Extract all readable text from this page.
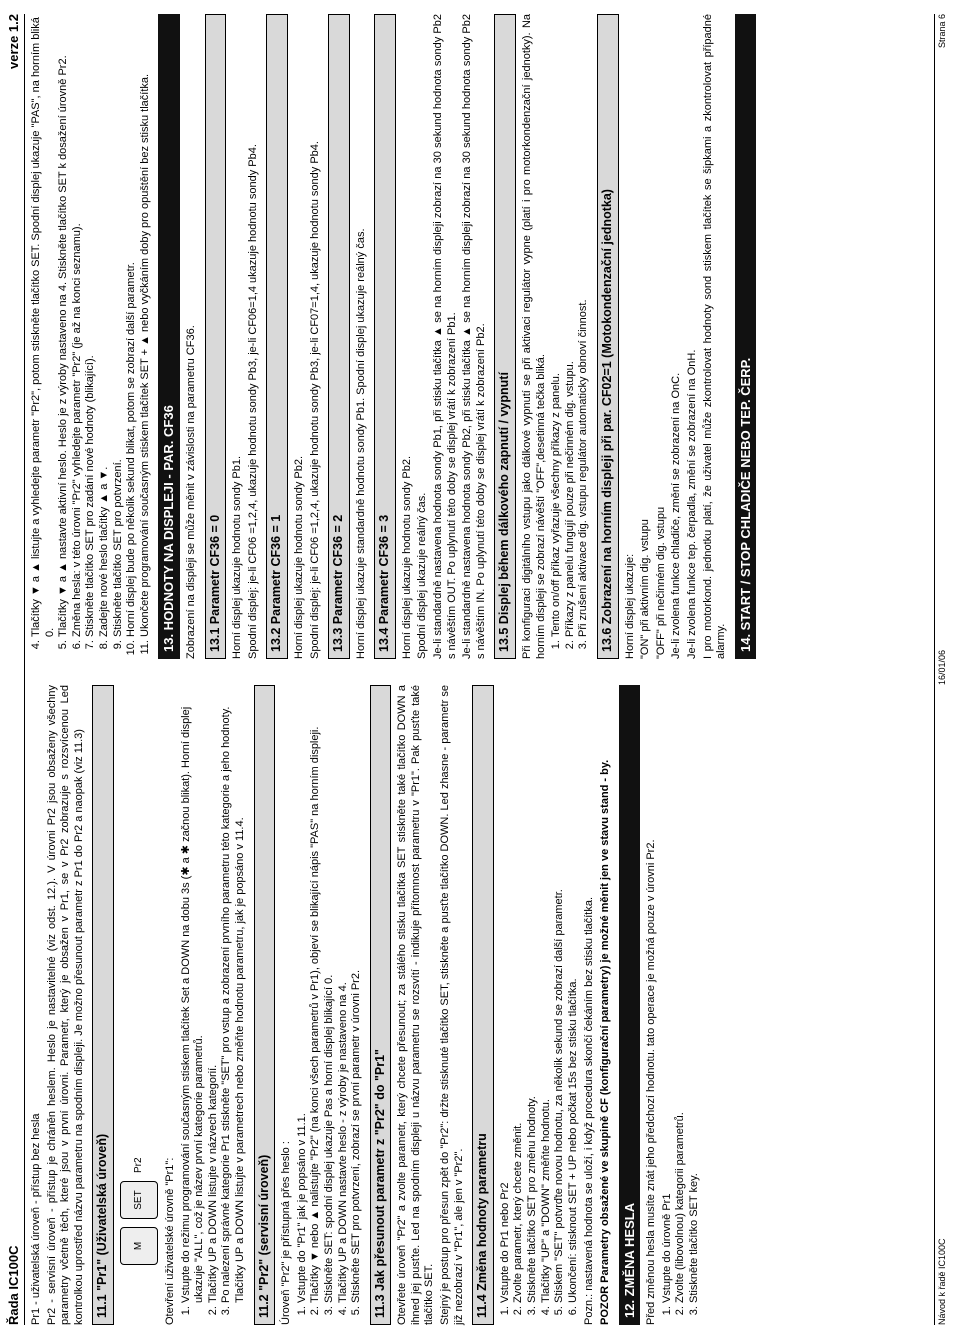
Řada IC100C
verze 1.2

Pr1 - uživatelská úroveň - přístup bez hesla Pr2 - servisní úroveň - přístup je chráněn heslem. Heslo je nastavitelné (viz odst. 12.). V úrovni Pr2 jsou obsaženy všechny parametry včetně těch, které jsou v první úrovni. Parametr, který je obsažen v Pr1, se v Pr2 zobrazuje s rozsvícenou Led kontrolkou uprostřed názvu parametru na spodním displeji. Je možno přesunout parametr z Pr1 do Pr2 a naopak (viz 11.3) 11.1 "Pr1" (Uživatelská úroveň)	M
SET
Pr2 Otevření uživatelské úrovně "Pr1": 1. Vstupte do režimu programování současným stiskem tlačítek Set a DOWN na dobu 3s (✱ a ✱ začnou blikat). Horní displej ukazuje "ALL", což je název první kategorie parametrů. 2. Tlačítky UP a DOWN listujte v názvech kategorií. 3. Po nalezení správné kategorie Pr1 stiskněte "SET" pro vstup a zobrazení prvního parametru této kategorie a jeho hodnoty. Tlačítky UP a DOWN listujte v parametrech nebo změňte hodnotu parametru, jak je popsáno v 11.4. 11.2 "Pr2" (servisní úroveň) Úroveň "Pr2" je přístupná přes heslo : 1. Vstupte do "Pr1" jak je popsáno v 11.1. 2. Tlačítky ▼ nebo ▲ nalistujte "Pr2" (na konci všech parametrů v Pr1), objeví se blikající nápis "PAS" na horním displeji. 3. Stiskněte SET: spodní displej ukazuje Pas a horní displej blikající 0. 4. Tlačítky UP a DOWN nastavte heslo - z výroby je nastaveno na 4. 5. Stiskněte SET pro potvrzení, zobrazí se první parametr v úrovni Pr2. 11.3 Jak přesunout parametr z "Pr2" do "Pr1" Otevřete úroveň "Pr2" a zvolte parametr, který chcete přesunout; za stálého stisku tlačítka SET stiskněte také tlačítko DOWN a ihned jej pusťte. Led na spodním displeji u názvu parametru se rozsvítí - indikuje přítomnost parametru v "Pr1". Pak pusťte také tlačítko SET. Stejný je postup pro přesun zpět do "Pr2": držte stisknuté tlačítko SET, stiskněte a pusťte tlačítko DOWN. Led zhasne - parametr se již nezobrazí v "Pr1", ale jen v "Pr2". 11.4 Změna hodnoty parametru 1. Vstupte do Pr1 nebo Pr2 2. Zvolte parametr, který chcete změnit. 3. Stiskněte tlačítko SET pro změnu hodnoty. 4. Tlačítky "UP" a "DOWN" změňte hodnotu. 5. Stiskem "SET" potvrďte novou hodnotu, za několik sekund se zobrazí další parametr. 6. Ukončení: stisknout SET + UP nebo počkat 15s bez stisku tlačítka. Pozn.: nastavená hodnota se uloží, i když procedura skončí čekáním bez stisku tlačítka. POZOR Parametry obsažené ve skupině CF (konfigurační parametry) je možné měnit jen ve stavu stand - by. 12. ZMĚNA HESLA Před změnou hesla musíte znát jeho předchozí hodnotu. tato operace je možná pouze v úrovni Pr2. 1. Vstupte do úrovně Pr1 2. Zvolte (libovolnou) kategorii parametrů. 3. Stiskněte tlačítko SET key.
4. Tlačítky ▼ a ▲ listujte a vyhledejte parametr "Pr2", potom stiskněte tlačítko SET. Spodní displej ukazuje "PAS", na horním bliká 0. 5. Tlačítky ▼ a ▲ nastavte aktivní heslo. Heslo je z výroby nastaveno na 4. Stiskněte tlačítko SET k dosažení úrovně Pr2. 6. Změna hesla: v této úrovni "Pr2" vyhledejte parametr "Pr2" (je až na konci seznamu). 7. Stiskněte tlačítko SET pro zadání nové hodnoty (blikající). 8. Zadejte nové heslo tlačítky ▲ a ▼. 9. Stiskněte tlačítko SET pro potvrzení. 10. Horní displej bude po několik sekund blikat, potom se zobrazí další parametr. 11. Ukončete programování současným stiskem tlačítek SET + ▲ nebo vyčkáním doby pro opuštění bez stisku tlačítka. 13. HODNOTY NA DISPLEJI - PAR. CF36 Zobrazení na displeji se může měnit v závislosti na parametru CF36. 13.1 Parametr CF36 = 0 Horní displej ukazuje hodnotu sondy Pb1. Spodní displej: je-li CF06 =1,2,4, ukazuje hodnotu sondy Pb3, je-li CF06=1,4 ukazuje hodnotu sondy Pb4. 13.2 Parametr CF36 = 1 Horní displej ukazuje hodnotu sondy Pb2. Spodní displej: je-li CF06 =1,2,4, ukazuje hodnotu sondy Pb3, je-li CF07=1,4, ukazuje hodnotu sondy Pb4. 13.3 Parametr CF36 = 2 Horní displej ukazuje standardně hodnotu sondy Pb1. Spodní displej ukazuje reálný čas. 13.4 Parametr CF36 = 3 Horní displej ukazuje hodnotu sondy Pb2. Spodní displej ukazuje reálný čas. Je-li standardně nastavena hodnota sondy Pb1, při stisku tlačítka ▲ se na horním displeji zobrazí na 30 sekund hodnota sondy Pb2 s návěštím OUT. Po uplynutí této doby se displej vrátí k zobrazení Pb1. Je-li standardně nastavena hodnota sondy Pb2, při stisku tlačítka ▲ se na horním displeji zobrazí na 30 sekund hodnota sondy Pb2 s návěštím IN. Po uplynutí této doby se displej vrátí k zobrazení Pb2. 13.5 Displej během dálkového zapnutí / vypnutí Při konfiguraci digitálního vstupu jako dálkové vypnutí se při aktivaci regulátor vypne (platí i pro motorkondenzační jednotky). Na horním displeji se zobrazí návěští "OFF",desetinná tečka bliká. 1. Tento on/off příkaz vyřazuje všechny příkazy z panelu. 2. Příkazy z panelu fungují pouze při nečinném dig. vstupu. 3. Při zrušení aktivace dig. vstupu regulátor automaticky obnoví činnost. 13.6 Zobrazení na horním displeji při par. CF02=1 (Motokondenzační jednotka) Horní displej ukazuje: "ON" při aktivním dig. vstupu "OFF" při nečinném dig. vstupu Je-li zvolena funkce chladiče, změní se zobrazení na OnC. Je-li zvolena funkce tep. čerpadla, změní se zobrazení na OnH. I pro motorkond. jednotku platí, že uživatel může zkontrolovat hodnoty sond stiskem tlačítek se šipkami a zkontrolovat případné alarmy. 14. START / STOP CHLADIČE NEBO TEP. ČERP.
Návod k řadě IC100C
16/01/06
Strana 6
